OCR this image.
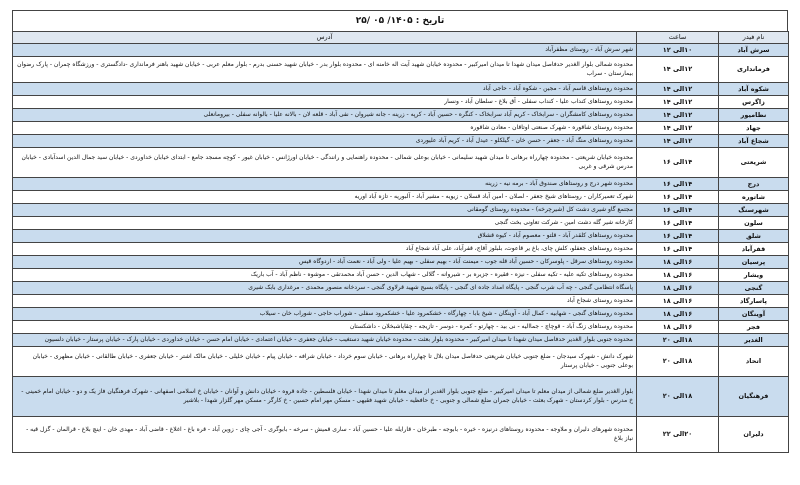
تاریخ : ۱۴۰۵/ ۰۵ /۲۵
نام فیدر	ساعت	آدرس
سرش آباد	۱۰الی ۱۲	شهر سرش آباد - روستای مظفرآباد
فرمانداری	۱۲الی ۱۴	محدوده شمالی بلوار الغدیر حدفاصل میدان شهدا تا میدان امیرکبیر - محدوده خیابان شهید آیت اله خامنه ای - محدوده بلوار بدر - خیابان شهید حسنی بدرم - بلوار معلم عربی - خیابان شهید باهنر فرمانداری -دادگستری - ورزشگاه چمران - پارک رضوان بیمارستان - سراب
شکوه آباد	۱۲الی ۱۴	محدوده روستاهای قاسم آباد - مجین - شکوه آباد - حاجی آباد
زاگرس	۱۲الی ۱۴	محدوده روستاهای کنداب علیا - کنداب سفلی - آق بلاغ - سلطان آباد - ونسار
نظامیور	۱۲الی ۱۴	محدوده روستاهای کامشگران - سرابخاک - کریم آباد سرابخاک - کنگره - حسین آباد - کرپه - زرینه - جانه شیروان - نفی آباد - قلعه لان - بالانه علیا - بالوانه سفلی - بیرومانعلی
جهاد	۱۲الی ۱۴	محدوده روستای شاقوره - شهرک صنعتی اوتاقان - معادن شاقوره
شجاع آباد	۱۲الی ۱۴	محدوده روستاهای منگ آباد - جعفر - حسن خان - گیلکلو - عیدل آباد - کریم آباد علیوردی
شریعتی	۱۴الی ۱۶	محدوده خیابان شریعتی - محدوده چهارراه برهانی تا میدان شهید سلیمانی - خیابان بوعلی شمالی - محدوده راهنمایی و رانندگی - خیابان اورژانس - خیابان غیور - کوچه مسجد جامع - ابتدای خیابان خداوردی - خیابان سید جمال الدین اسدآبادی - خیابان مدرس شرقی و غربی
درج	۱۴الی ۱۶	محدوده شهر درج و روستاهای صندوق آباد - برمه نیه - زرینه
شاتوره	۱۴الی ۱۶	شهرک تعمیرکاران - روستاهای شیخ جعفر - لصلان - امین آباد قسلان - زیویه - مشیر آباد - آلبوریه - تازه آباد اوریه
شهرسنگ	۱۴الی ۱۶	مجتمع گاو شیری دشت کل (شیرچرخه) - محدوده روستای گومقانی
سلون	۱۴الی ۱۶	کارخانه شیر گله دشت امین - شرکت تعاونی بخت گنجی
شلق	۱۴الی ۱۶	محدوده روستاهای کلقدر آباد - قلتو - معصوم آباد - کیوه قشلاق
قفرآباد	۱۴الی ۱۶	محدوده روستاهای جعفلو، کلش چای، باغ یر قاعوت، بلبلوز آقاج، قفرآباد، علی آباد شجاع آباد
پرسیان	۱۶الی ۱۸	محدوده روستاهای سرقل - پلوسرکان - حسین آباد قله جوب - میمنت آباد - بهیم سفلی - بهیم علیا - ولی آباد - نعمت آباد - اردوگاه قیس
ویشار	۱۶الی ۱۸	محدوده روستاهای تکیه علیه - تکیه سفلی - نیزه - فقیره - جزیره بر - شیروانه - گلالی - شهاب الدین - حسن آباد محمدتقی - موشوه - ناظم آباد - آب باریک
گنجی	۱۶الی ۱۸	پاسگاه انتظامی گنجی - چه آب شرب گنجی - پایگاه امداد جاده ای گنجی - پایگاه بسیج شهید قرلاوی گنجی - سردخانه منصور محمدی - مرغداری بابک شیری
پاسارگاد	۱۶الی ۱۸	محدوده روستای شجاع آباد
آوینگان	۱۶الی ۱۸	محدوده روستاهای گنجی - شهابیه - کمال آباد - آوینگان - شیخ بابا - چهارگاه - خشکمرود علیا - خشکمرود سفلی - شوراب حاجی - شوراب خان - سیلاب
فجر	۱۶الی ۱۸	محدوده روستاهای زنگ آباد - قوچاچ - جماالیه - نی بید - چهارتو - کمره - دوسر - تازیجه - چقاپاشبخلان - داشکستان
الغدیر	۱۸الی ۲۰	محدوده جنوبی بلوار الغدیر حدفاصل میدان شهدا تا میدان امیرکبیر - محدوده بلوار بعثت - محدوده خیابان شهید دستغیب - خیابان جعفری - خیابان اعتمادی - خیابان امام حسن - خیابان خداوردی - خیابان پارک - خیابان پرستار - خیابان دلسیون
اتحاد	۱۸الی ۲۰	شهرک دانش - شهرک سیدجان - ضلع جنوبی خیابان شریعتی حدفاصل میدان بلال تا چهارراه برهانی - خیابان سوم خرداد - خیابان شرافه - خیابان پیام - خیابان خلیلی - خیابان مالک اشتر - خیابان جعفری - خیابان طالقانی - خیابان مظهری - خیابان بوعلی جنوبی - خیابان پرستار
فرهنگیان	۱۸الی ۲۰	بلوار الغدیر ضلع شمالی از میدان معلم تا میدان امیرکبیر - ضلع جنوبی بلوار الغدیر از میدان معلم تا میدان شهدا - خیابان فلسطین - جاده قروه - خیابان دانش و آوانان - خیابان خ اسلامی اصفهانی - شهرک فرهنگیان فاز یک و دو - خیابان امام خمینی - خ مدرس - بلوار کردستان - شهرک بعثت - خیابان جمران ضلع شمالی و جنوبی - خ حافظیه - خیابان شهید فقیهی - مسکن مهر امام حسین - خ کارگر - مسکن مهر گلزار شهدا - بلاشیر
دلیران	۲۰الی ۲۲	محدوده شهرهای دلیران و ملاوجه - محدوده روستاهای درنیزه - خیره - بابوجه - طبرخان - قارایله علیا - حسین آباد - ساری قمیش - سرخه - بابوگری - آجی چای - زوین آباد - قره باغ - اغلاغ - قاضی آباد - مهدی خان - اینچ بلاغ - قرالمان - گزل قیه - نیاز بلاغ
